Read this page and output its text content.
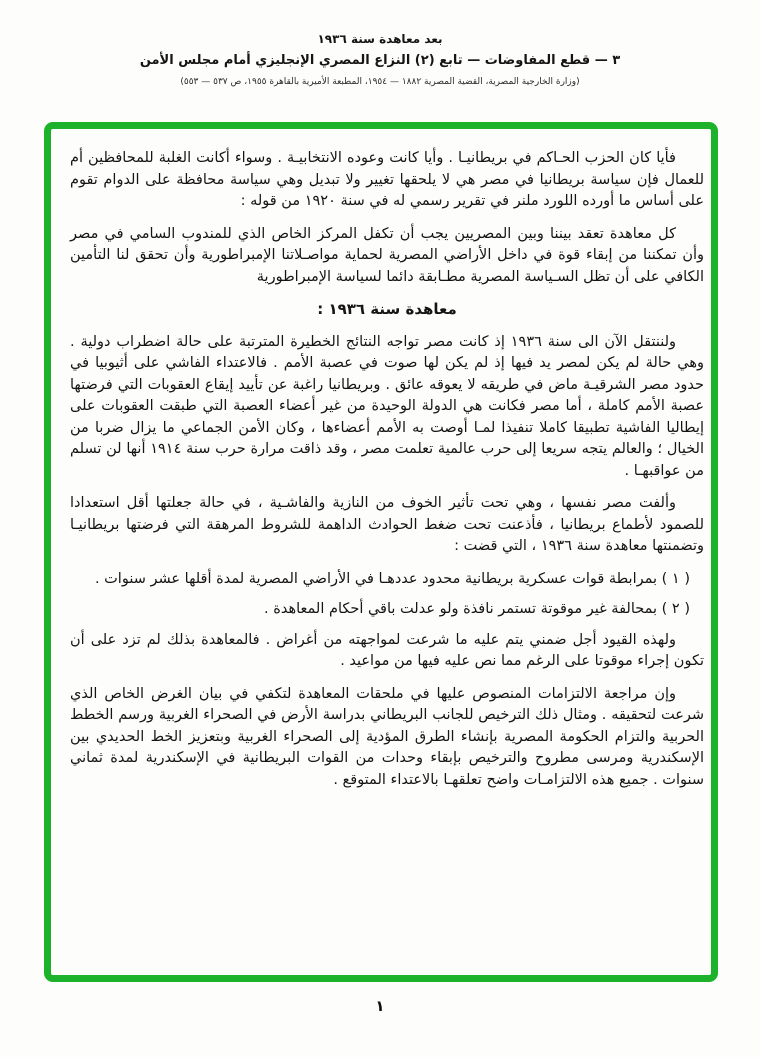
بعد معاهدة سنة ١٩٣٦
٣ — قطع المفاوضات — تابع (٢) النزاع المصري الإنجليزي أمام مجلس الأمن
(وزارة الخارجية المصرية، القضية المصرية ١٨٨٢ — ١٩٥٤، المطبعة الأميرية بالقاهرة ١٩٥٥، ص ٥٣٧ — ٥٥٣)

فأيا كان الحزب الحـاكم في بريطانيـا . وأيا كانت وعوده الانتخابيـة . وسواء أكانت الغلبة للمحافظين أم للعمال فإن سياسة بريطانيا في مصر هي لا يلحقها تغيير ولا تبديل وهي سياسة محافظة على الدوام تقوم على أساس ما أورده اللورد ملنر في تقرير رسمي له في سنة ١٩٢٠ من قوله :

كل معاهدة تعقد بيننا وبين المصريين يجب أن تكفل المركز الخاص الذي للمندوب السامي في مصر وأن تمكننا من إبقاء قوة في داخل الأراضي المصرية لحماية مواصـلاتنا الإمبراطورية وأن تحقق لنا التأمين الكافي على أن تظل السـياسة المصرية مطـابقة دائما لسياسة الإمبراطورية

معاهدة سنة ١٩٣٦ :

ولننتقل الآن الى سنة ١٩٣٦ إذ كانت مصر تواجه النتائج الخطيرة المترتبة على حالة اضطراب دولية . وهي حالة لم يكن لمصر يد فيها إذ لم يكن لها صوت في عصبة الأمم . فالاعتداء الفاشي على أثيوبيا في حدود مصر الشرقيـة ماض في طريقه لا يعوقه عائق . وبريطانيا راغبة عن تأييد إيقاع العقوبات التي فرضتها عصبة الأمم كاملة ، أما مصر فكانت هي الدولة الوحيدة من غير أعضاء العصبة التي طبقت العقوبات على إيطاليا الفاشية تطبيقا كاملا تنفيذا لمـا أوصت به الأمم أعضاءها ، وكان الأمن الجماعي ما يزال ضربا من الخيال ؛ والعالم يتجه سريعا إلى حرب عالمية تعلمت مصر ، وقد ذاقت مرارة حرب سنة ١٩١٤ أنها لن تسلم من عواقبهـا .

وألفت مصر نفسها ، وهي تحت تأثير الخوف من النازية والفاشـية ، في حالة جعلتها أقل استعدادا للصمود لأطماع بريطانيا ، فأذعنت تحت ضغط الحوادث الداهمة للشروط المرهقة التي فرضتها بريطانيـا وتضمنتها معاهدة سنة ١٩٣٦ ، التي قضت :

( ١ ) بمرابطة قوات عسكرية بريطانية محدود عددهـا في الأراضي المصرية لمدة أقلها عشر سنوات .

( ٢ ) بمحالفة غير موقوتة تستمر نافذة ولو عدلت باقي أحكام المعاهدة .

ولهذه القيود أجل ضمني يتم عليه ما شرعت لمواجهته من أغراض . فالمعاهدة بذلك لم تزد على أن تكون إجراء موقوتا على الرغم مما نص عليه فيها من مواعيد .

وإن مراجعة الالتزامات المنصوص عليها في ملحقات المعاهدة لتكفي في بيان الغرض الخاص الذي شرعت لتحقيقه . ومثال ذلك الترخيص للجانب البريطاني بدراسة الأرض في الصحراء الغربية ورسم الخطط الحربية والتزام الحكومة المصرية بإنشاء الطرق المؤدية إلى الصحراء الغربية وبتعزيز الخط الحديدي بين الإسكندرية ومرسى مطروح والترخيص بإبقاء وحدات من القوات البريطانية في الإسكندرية لمدة ثماني سنوات . جميع هذه الالتزامـات واضح تعلقهـا بالاعتداء المتوقع .

١
